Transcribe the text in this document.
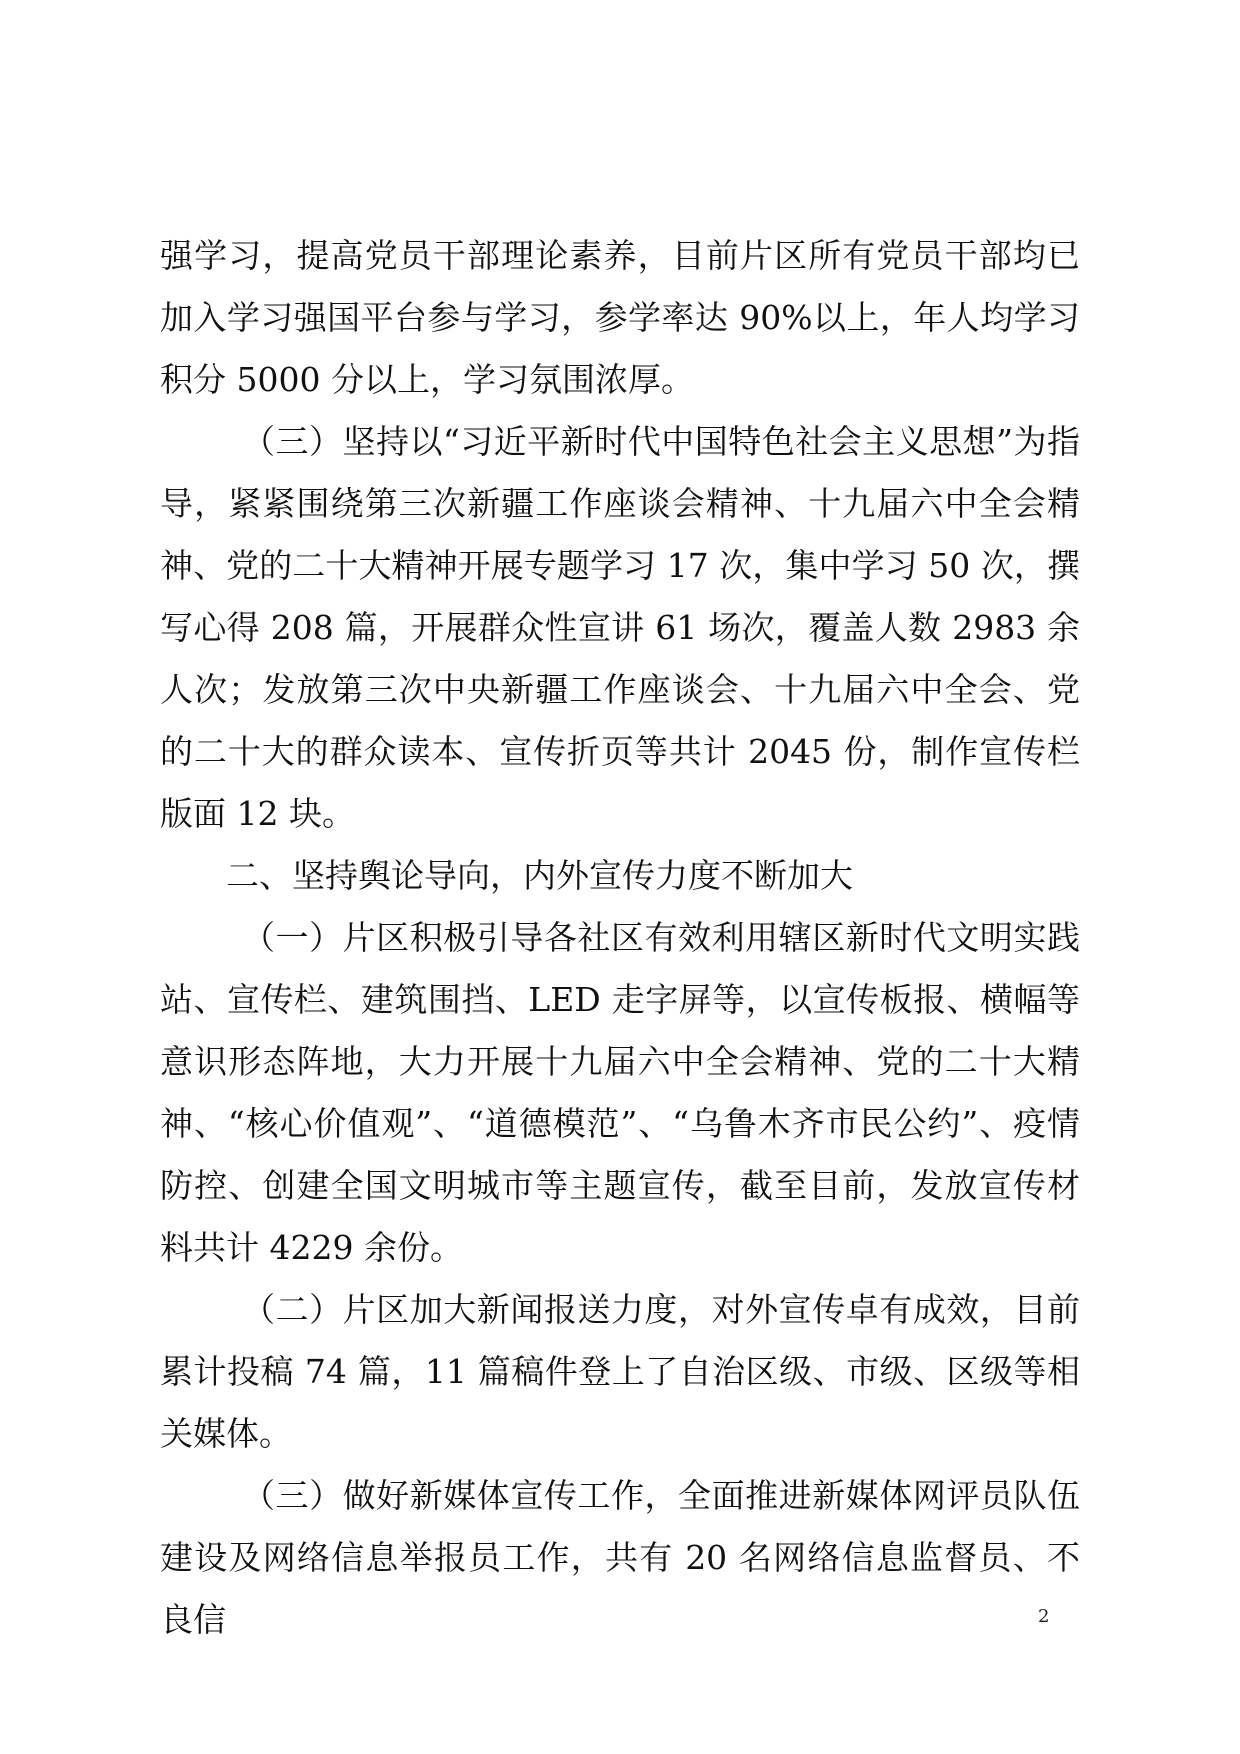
强学习，提高党员干部理论素养，目前片区所有党员干部均已加入学习强国平台参与学习，参学率达 90%以上，年人均学习积分 5000 分以上，学习氛围浓厚。

（三）坚持以“习近平新时代中国特色社会主义思想”为指导，紧紧围绕第三次新疆工作座谈会精神、十九届六中全会精神、党的二十大精神开展专题学习 17 次，集中学习 50 次，撰写心得 208 篇，开展群众性宣讲 61 场次，覆盖人数 2983 余人次；发放第三次中央新疆工作座谈会、十九届六中全会、党的二十大的群众读本、宣传折页等共计 2045 份，制作宣传栏版面 12 块。

二、坚持舆论导向，内外宣传力度不断加大

（一）片区积极引导各社区有效利用辖区新时代文明实践站、宣传栏、建筑围挡、LED 走字屏等，以宣传板报、横幅等意识形态阵地，大力开展十九届六中全会精神、党的二十大精神、“核心价值观”、“道德模范”、“乌鲁木齐市民公约”、疫情防控、创建全国文明城市等主题宣传，截至目前，发放宣传材料共计 4229 余份。

（二）片区加大新闻报送力度，对外宣传卓有成效，目前累计投稿 74 篇，11 篇稿件登上了自治区级、市级、区级等相关媒体。

（三）做好新媒体宣传工作，全面推进新媒体网评员队伍建设及网络信息举报员工作，共有 20 名网络信息监督员、不良信	2
